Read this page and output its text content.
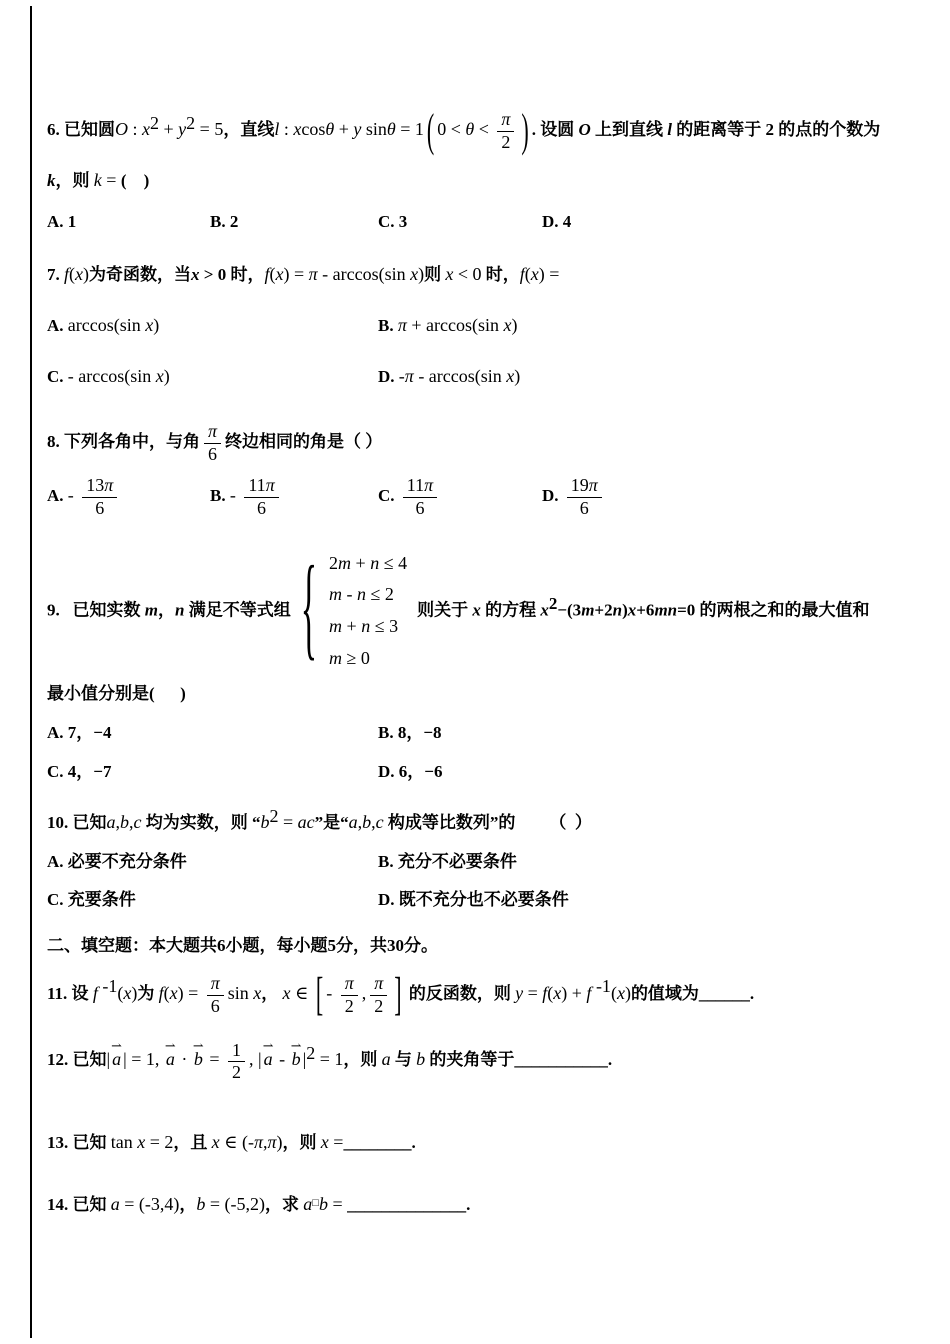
6. 已知圆O : $x^2 + y^2 = 5$，直线l : xcosθ + y sinθ = 1 ( $0 < \theta < \frac{\pi}{2}$ ) . 设圆 O 上到直线 l 的距离等于 2 的点的个数为

k，则 k = (    )

A. 1	B. 2	C. 3	D. 4

7. f(x)为奇函数，当x > 0 时，f(x) = π - arccos(sin x)则 x < 0 时，f(x) =

A. arccos(sin x)	B. π + arccos(sin x)
C. - arccos(sin x)	D. -π - arccos(sin x)

8. 下列各角中，与角 $\frac{\pi}{6}$ 终边相同的角是（ ）

A. - $\frac{13\pi}{6}$	B. - $\frac{11\pi}{6}$	C. $\frac{11\pi}{6}$	D. $\frac{19\pi}{6}$

9.   已知实数 m，n 满足不等式组 { 2m + n ≤ 4
m - n ≤ 2
m + n ≤ 3
m ≥ 0
则关于 x 的方程 $x^2-(3m+2n)x+6mn=0$ 的两根之和的最大值和

最小值分别是(      )

A. 7，−4	B. 8，−8
C. 4，−7	D. 6，−6

10. 已知a,b,c 均为实数，则 “$b^2$ = ac”是“a,b,c 构成等比数列”的        （  ）

A. 必要不充分条件	B. 充分不必要条件
C. 充要条件	D. 既不充分也不必要条件

二、填空题：本大题共6小题，每小题5分，共30分。

11. 设 f $^{-1}$(x)为 $f(x) = \frac{\pi}{6}$ sin x， x ∈ [ - $\frac{\pi}{2}$ , $\frac{\pi}{2}$ ] 的反函数，则 y = f(x) + f $^{-1}$(x)的值域为______.

12. 已知|
⇀
a | = 1,
⇀
a ·
⇀
$b = \frac{1}{2}$ , |
⇀
a -
⇀
b $|^2 = 1$，则 a 与 b 的夹角等于___________.

13. 已知 tan x = 2，且 x ∈ (-π,π)，则 x =________.

14. 已知 a = (-3,4)，b = (-5,2)，求 a□b = ______________.
